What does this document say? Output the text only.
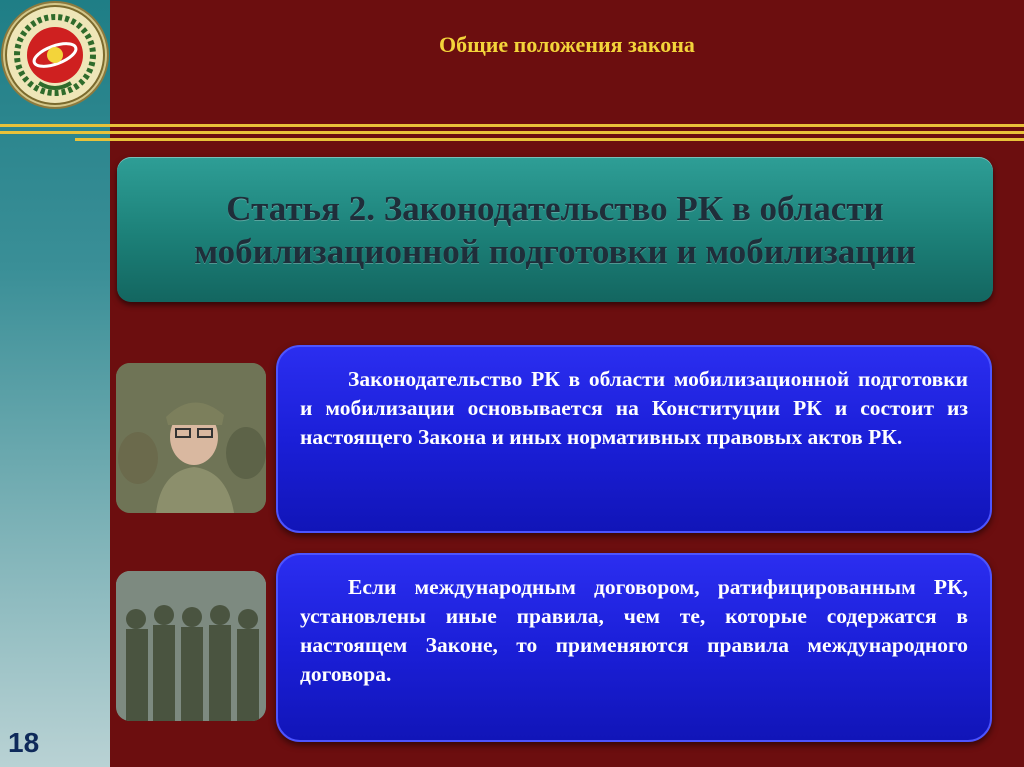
Общие положения закона
Статья 2. Законодательство РК в области
мобилизационной подготовки и мобилизации
Законодательство РК в области мобилизационной подготовки и мобилизации основывается на Конституции РК и состоит из настоящего Закона и иных нормативных правовых актов РК.
Если международным договором, ратифицированным РК, установлены иные правила, чем те, которые содержатся в настоящем Законе, то применяются правила международного договора.
18
